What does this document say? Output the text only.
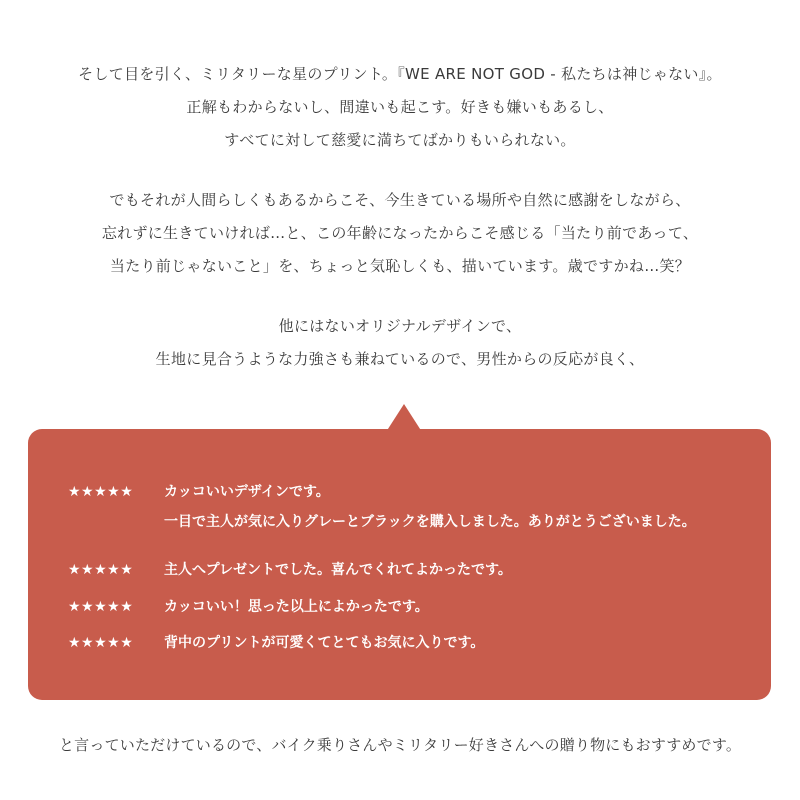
そして目を引く、ミリタリーな星のプリント。『WE ARE NOT GOD - 私たちは神じゃない』。
正解もわからないし、間違いも起こす。好きも嫌いもあるし、
すべてに対して慈愛に満ちてばかりもいられない。
でもそれが人間らしくもあるからこそ、今生きている場所や自然に感謝をしながら、
忘れずに生きていければ…と、この年齢になったからこそ感じる「当たり前であって、
当たり前じゃないこと」を、ちょっと気恥しくも、描いています。歳ですかね…笑？
他にはないオリジナルデザインで、
生地に見合うような力強さも兼ねているので、男性からの反応が良く、
★★★★★ カッコいいデザインです。
一目で主人が気に入りグレーとブラックを購入しました。ありがとうございました。
★★★★★ 主人へプレゼントでした。喜んでくれてよかったです。
★★★★★ カッコいい！思った以上によかったです。
★★★★★ 背中のプリントが可愛くてとてもお気に入りです。
と言っていただけているので、バイク乗りさんやミリタリー好きさんへの贈り物にもおすすめです。
